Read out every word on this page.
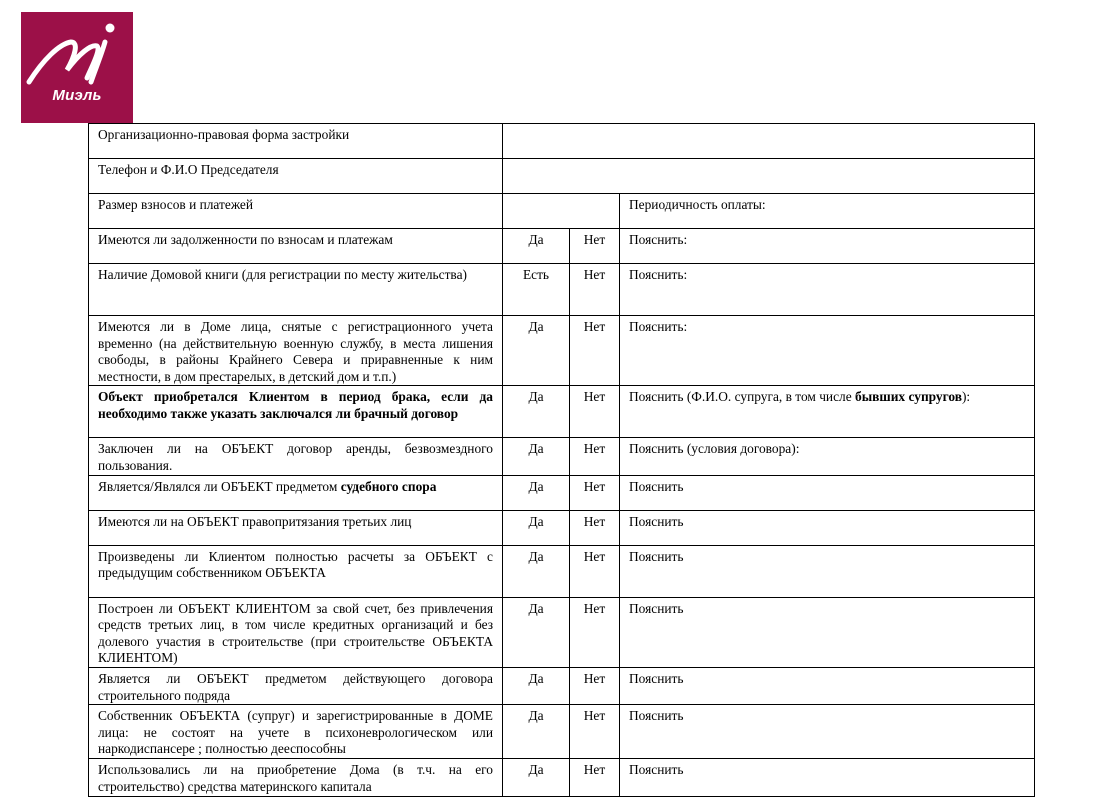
Миэль
Организационно-правовая форма застройки			
Телефон и Ф.И.О Председателя			
Размер взносов и платежей			Периодичность оплаты:
Имеются ли задолженности по взносам и платежам	Да	Нет	Пояснить:
Наличие Домовой книги (для регистрации по месту жительства)	Есть	Нет	Пояснить:
Имеются ли в Доме лица, снятые с регистрационного учета временно (на действительную военную службу, в места лишения свободы, в районы Крайнего Севера и приравненные к ним местности, в дом престарелых, в детский дом и т.п.)	Да	Нет	Пояснить:
Объект приобретался Клиентом в период брака, если да необходимо также указать заключался ли брачный договор	Да	Нет	Пояснить (Ф.И.О. супруга, в том числе бывших супругов):
Заключен ли на ОБЪЕКТ договор аренды, безвозмездного пользования.	Да	Нет	Пояснить (условия договора):
Является/Являлся ли ОБЪЕКТ предметом судебного спора	Да	Нет	Пояснить
Имеются ли на ОБЪЕКТ правопритязания третьих лиц	Да	Нет	Пояснить
Произведены ли Клиентом полностью расчеты за ОБЪЕКТ с предыдущим собственником ОБЪЕКТА	Да	Нет	Пояснить
Построен ли ОБЪЕКТ КЛИЕНТОМ за свой счет, без привлечения средств третьих лиц, в том числе кредитных организаций и без долевого участия в строительстве (при строительстве ОБЪЕКТА КЛИЕНТОМ)	Да	Нет	Пояснить
Является ли ОБЪЕКТ предметом действующего договора строительного подряда	Да	Нет	Пояснить
Собственник ОБЪЕКТА (супруг) и зарегистрированные в ДОМЕ лица: не состоят на учете в психоневрологическом или наркодиспансере ; полностью дееспособны	Да	Нет	Пояснить
Использовались ли на приобретение Дома (в т.ч. на его строительство) средства материнского капитала	Да	Нет	Пояснить
